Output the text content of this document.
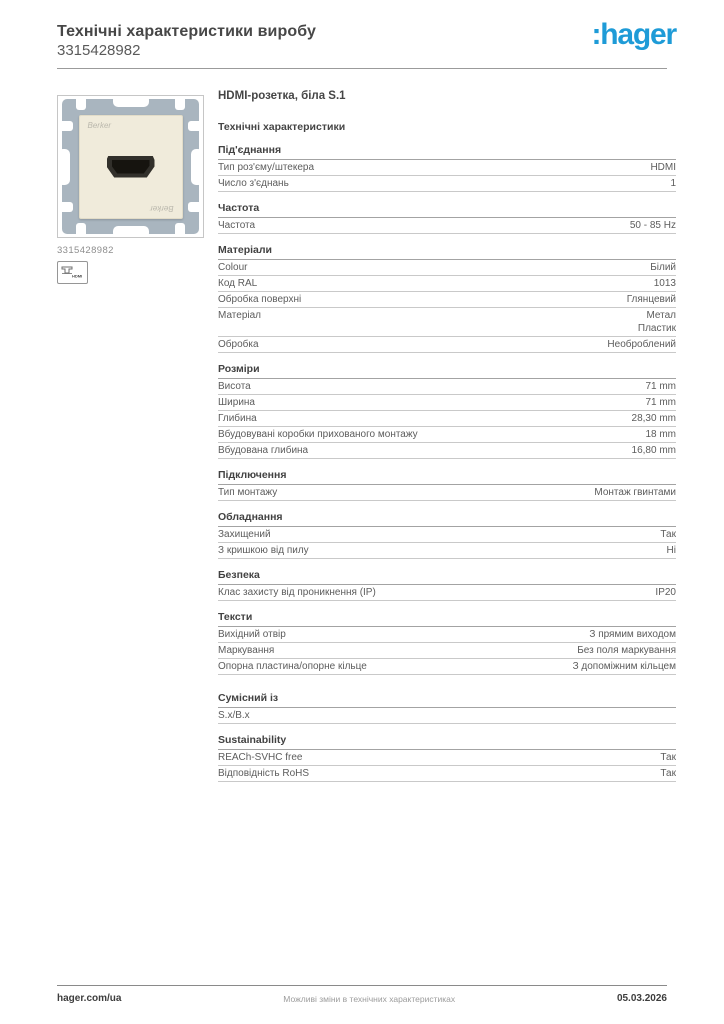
Технічні характеристики виробу
3315428982	:hager
Berker
Berker
3315428982
HDMI
HDMI-розетка, біла S.1
Технічні характеристики
Під'єднання
Тип роз'єму/штекера	HDMI
Число з'єднань	1
Частота
Частота	50 - 85 Hz
Матеріали
Colour	Білий
Код RAL	1013
Обробка поверхні	Глянцевий
Матеріал	Метал
Пластик
Обробка	Необроблений
Розміри
Висота	71 mm
Ширина	71 mm
Глибина	28,30 mm
Вбудовувані коробки прихованого монтажу	18 mm
Вбудована глибина	16,80 mm
Підключення
Тип монтажу	Монтаж гвинтами
Обладнання
Захищений	Так
З кришкою від пилу	Ні
Безпека
Клас захисту від проникнення (IP)	IP20
Тексти
Вихідний отвір	З прямим виходом
Маркування	Без поля маркування
Опорна пластина/опорне кільце	З допоміжним кільцем
Сумісний із
S.x/B.x
Sustainability
REACh-SVHC free	Так
Відповідність RoHS	Так
hager.com/ua	Можливі зміни в технічних характеристиках	05.03.2026
